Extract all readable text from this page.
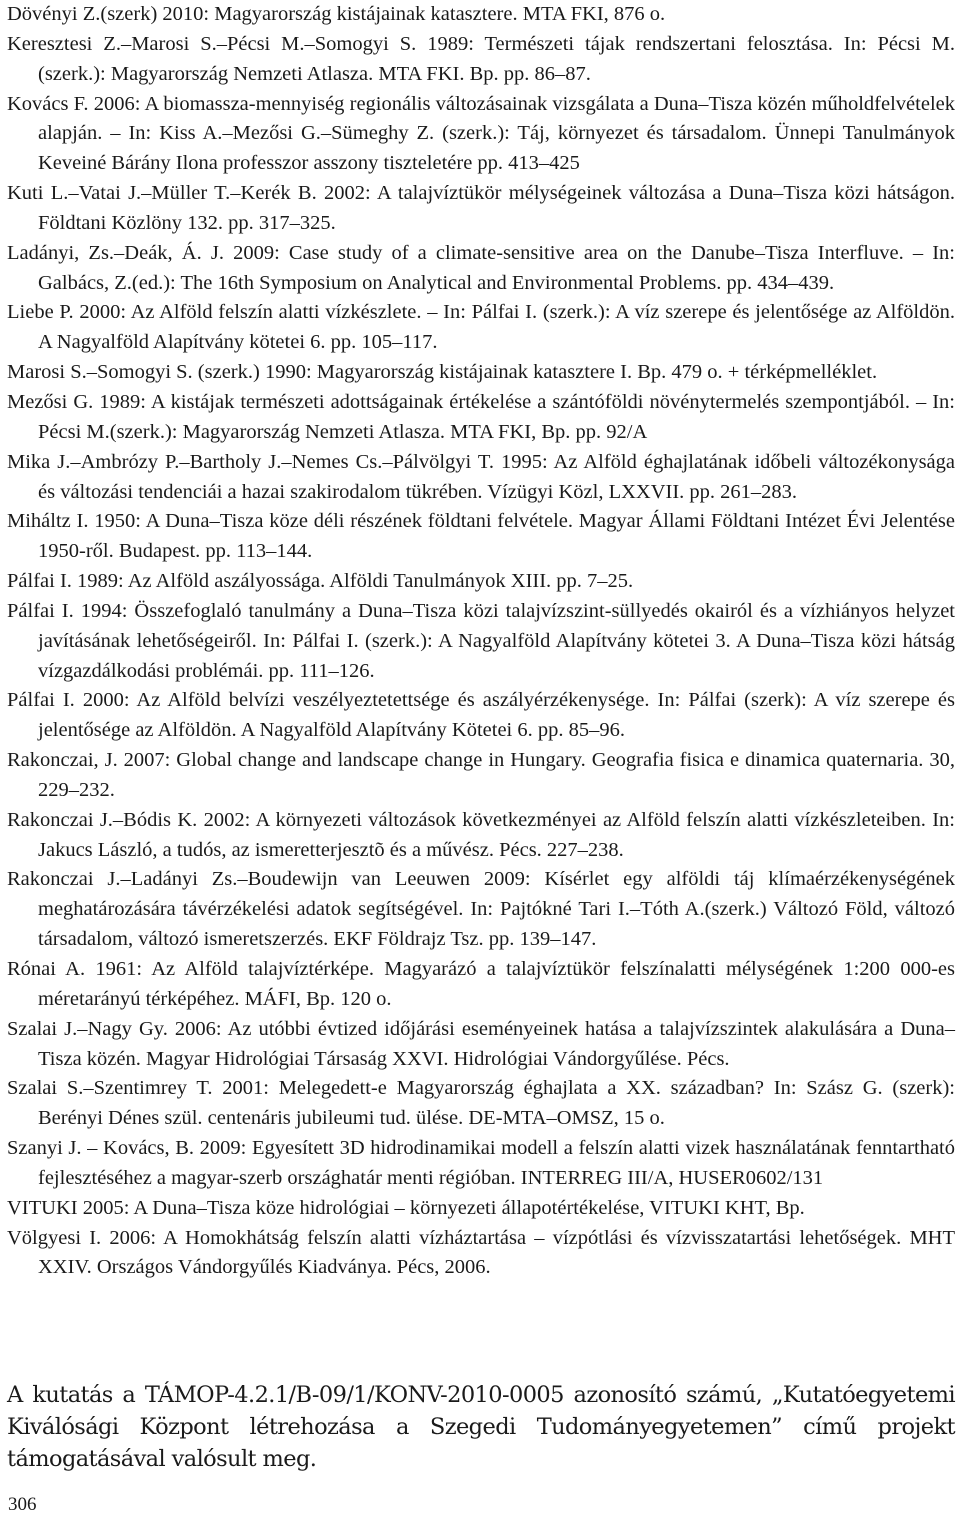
Dövényi Z.(szerk) 2010: Magyarország kistájainak katasztere. MTA FKI, 876 o.

Keresztesi Z.–Marosi S.–Pécsi M.–Somogyi S. 1989: Természeti tájak rendszertani felosztása. In: Pécsi M. (szerk.): Magyarország Nemzeti Atlasza. MTA FKI. Bp. pp. 86–87.

Kovács F. 2006: A biomassza-mennyiség regionális változásainak vizsgálata a Duna–Tisza közén műholdfelvételek alapján. – In: Kiss A.–Mezősi G.–Sümeghy Z. (szerk.): Táj, környezet és társadalom. Ünnepi Tanulmányok Keveiné Bárány Ilona professzor asszony tiszteletére pp. 413–425

Kuti L.–Vatai J.–Müller T.–Kerék B. 2002: A talajvíztükör mélységeinek változása a Duna–Tisza közi hátságon. Földtani Közlöny 132. pp. 317–325.

Ladányi, Zs.–Deák, Á. J. 2009: Case study of a climate-sensitive area on the Danube–Tisza Interfluve. – In: Galbács, Z.(ed.): The 16th Symposium on Analytical and Environmental Problems. pp. 434–439.

Liebe P. 2000: Az Alföld felszín alatti vízkészlete. – In: Pálfai I. (szerk.): A víz szerepe és jelentősége az Alföldön. A Nagyalföld Alapítvány kötetei 6. pp. 105–117.

Marosi S.–Somogyi S. (szerk.) 1990: Magyarország kistájainak katasztere I. Bp. 479 o. + térképmelléklet.

Mezősi G. 1989: A kistájak természeti adottságainak értékelése a szántóföldi növénytermelés szempontjából. – In: Pécsi M.(szerk.): Magyarország Nemzeti Atlasza. MTA FKI, Bp. pp. 92/A

Mika J.–Ambrózy P.–Bartholy J.–Nemes Cs.–Pálvölgyi T. 1995: Az Alföld éghajlatának időbeli változékonysága és változási tendenciái a hazai szakirodalom tükrében. Vízügyi Közl, LXXVII. pp. 261–283.

Miháltz I. 1950: A Duna–Tisza köze déli részének földtani felvétele. Magyar Állami Földtani Intézet Évi Jelentése 1950-ről. Budapest. pp. 113–144.

Pálfai I. 1989: Az Alföld aszályossága. Alföldi Tanulmányok XIII. pp. 7–25.

Pálfai I. 1994: Összefoglaló tanulmány a Duna–Tisza közi talajvízszint-süllyedés okairól és a vízhiányos helyzet javításának lehetőségeiről. In: Pálfai I. (szerk.): A Nagyalföld Alapítvány kötetei 3. A Duna–Tisza közi hátság vízgazdálkodási problémái. pp. 111–126.

Pálfai I. 2000: Az Alföld belvízi veszélyeztetettsége és aszályérzékenysége. In: Pálfai (szerk): A víz szerepe és jelentősége az Alföldön. A Nagyalföld Alapítvány Kötetei 6. pp. 85–96.

Rakonczai, J. 2007: Global change and landscape change in Hungary. Geografia fisica e dinamica quaternaria. 30, 229–232.

Rakonczai J.–Bódis K. 2002: A környezeti változások következményei az Alföld felszín alatti vízkészleteiben. In: Jakucs László, a tudós, az ismeretterjesztõ és a művész. Pécs. 227–238.

Rakonczai J.–Ladányi Zs.–Boudewijn van Leeuwen 2009: Kísérlet egy alföldi táj klímaérzékenységének meghatározására távérzékelési adatok segítségével. In: Pajtókné Tari I.–Tóth A.(szerk.) Változó Föld, változó társadalom, változó ismeretszerzés. EKF Földrajz Tsz. pp. 139–147.

Rónai A. 1961: Az Alföld talajvíztérképe. Magyarázó a talajvíztükör felszínalatti mélységének 1:200 000-es méretarányú térképéhez. MÁFI, Bp. 120 o.

Szalai J.–Nagy Gy. 2006: Az utóbbi évtized időjárási eseményeinek hatása a talajvízszintek alakulására a Duna–Tisza közén. Magyar Hidrológiai Társaság XXVI. Hidrológiai Vándorgyűlése. Pécs.

Szalai S.–Szentimrey T. 2001: Melegedett-e Magyarország éghajlata a XX. században? In: Szász G. (szerk): Berényi Dénes szül. centenáris jubileumi tud. ülése. DE-MTA–OMSZ, 15 o.

Szanyi J. – Kovács, B. 2009: Egyesített 3D hidrodinamikai modell a felszín alatti vizek használatának fenntartható fejlesztéséhez a magyar-szerb országhatár menti régióban. INTERREG III/A, HUSER0602/131

VITUKI 2005: A Duna–Tisza köze hidrológiai – környezeti állapotértékelése, VITUKI KHT, Bp.

Völgyesi I. 2006: A Homokhátság felszín alatti vízháztartása – vízpótlási és vízvisszatartási lehetőségek. MHT XXIV. Országos Vándorgyűlés Kiadványa. Pécs, 2006.

A kutatás a TÁMOP-4.2.1/B-09/1/KONV-2010-0005 azonosító számú, „Kutatóegyetemi Kiválósági Központ létrehozása a Szegedi Tudományegyetemen” című projekt támogatásával valósult meg.

306
